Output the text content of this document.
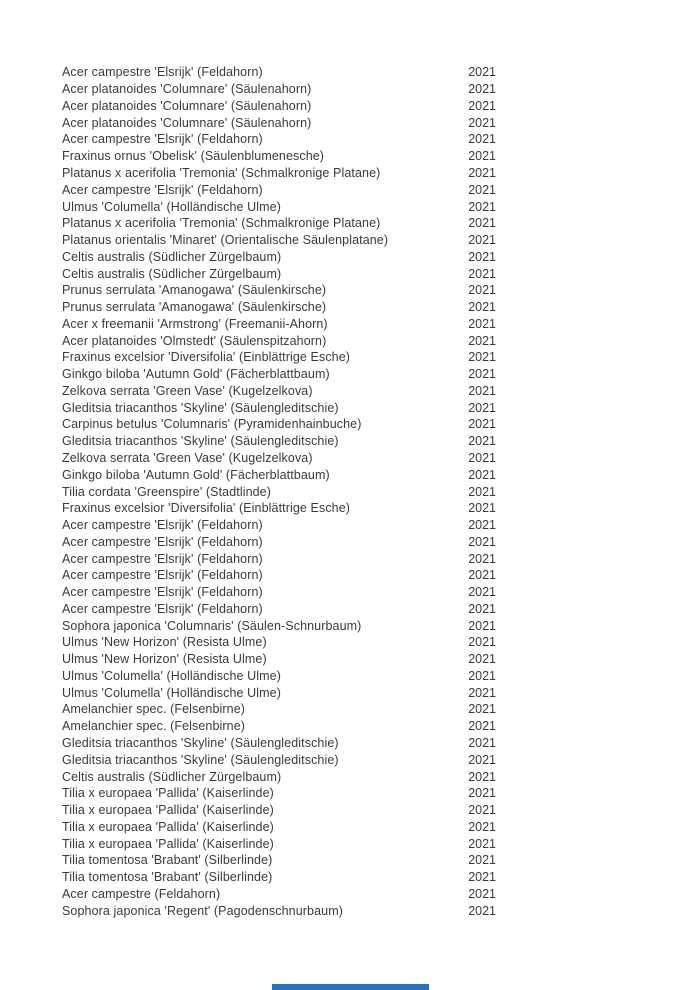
Acer campestre 'Elsrijk' (Feldahorn)	2021
Acer platanoides 'Columnare' (Säulenahorn)	2021
Acer platanoides 'Columnare' (Säulenahorn)	2021
Acer platanoides 'Columnare' (Säulenahorn)	2021
Acer campestre 'Elsrijk' (Feldahorn)	2021
Fraxinus ornus 'Obelisk' (Säulenblumenesche)	2021
Platanus x acerifolia 'Tremonia' (Schmalkronige Platane)	2021
Acer campestre 'Elsrijk' (Feldahorn)	2021
Ulmus 'Columella' (Holländische Ulme)	2021
Platanus x acerifolia 'Tremonia' (Schmalkronige Platane)	2021
Platanus orientalis 'Minaret' (Orientalische Säulenplatane)	2021
Celtis australis (Südlicher Zürgelbaum)	2021
Celtis australis (Südlicher Zürgelbaum)	2021
Prunus serrulata 'Amanogawa' (Säulenkirsche)	2021
Prunus serrulata 'Amanogawa' (Säulenkirsche)	2021
Acer x freemanii 'Armstrong' (Freemanii-Ahorn)	2021
Acer platanoides 'Olmstedt' (Säulenspitzahorn)	2021
Fraxinus excelsior 'Diversifolia' (Einblättrige Esche)	2021
Ginkgo biloba 'Autumn Gold' (Fächerblattbaum)	2021
Zelkova serrata 'Green Vase' (Kugelzelkova)	2021
Gleditsia triacanthos 'Skyline' (Säulengleditschie)	2021
Carpinus betulus 'Columnaris' (Pyramidenhainbuche)	2021
Gleditsia triacanthos 'Skyline' (Säulengleditschie)	2021
Zelkova serrata 'Green Vase' (Kugelzelkova)	2021
Ginkgo biloba 'Autumn Gold' (Fächerblattbaum)	2021
Tilia cordata 'Greenspire' (Stadtlinde)	2021
Fraxinus excelsior 'Diversifolia' (Einblättrige Esche)	2021
Acer campestre 'Elsrijk' (Feldahorn)	2021
Acer campestre 'Elsrijk' (Feldahorn)	2021
Acer campestre 'Elsrijk' (Feldahorn)	2021
Acer campestre 'Elsrijk' (Feldahorn)	2021
Acer campestre 'Elsrijk' (Feldahorn)	2021
Acer campestre 'Elsrijk' (Feldahorn)	2021
Sophora japonica 'Columnaris' (Säulen-Schnurbaum)	2021
Ulmus 'New Horizon' (Resista Ulme)	2021
Ulmus 'New Horizon' (Resista Ulme)	2021
Ulmus 'Columella' (Holländische Ulme)	2021
Ulmus 'Columella' (Holländische Ulme)	2021
Amelanchier spec. (Felsenbirne)	2021
Amelanchier spec. (Felsenbirne)	2021
Gleditsia triacanthos 'Skyline' (Säulengleditschie)	2021
Gleditsia triacanthos 'Skyline' (Säulengleditschie)	2021
Celtis australis (Südlicher Zürgelbaum)	2021
Tilia x europaea 'Pallida' (Kaiserlinde)	2021
Tilia x europaea 'Pallida' (Kaiserlinde)	2021
Tilia x europaea 'Pallida' (Kaiserlinde)	2021
Tilia x europaea 'Pallida' (Kaiserlinde)	2021
Tilia tomentosa 'Brabant' (Silberlinde)	2021
Tilia tomentosa 'Brabant' (Silberlinde)	2021
Acer campestre (Feldahorn)	2021
Sophora japonica 'Regent' (Pagodenschnurbaum)	2021
